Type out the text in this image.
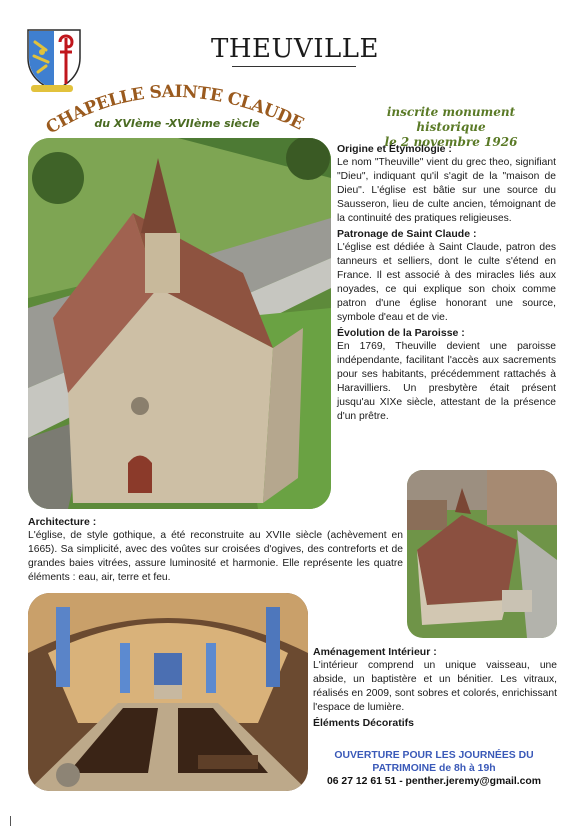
THEUVILLE
CHAPELLE SAINTE CLAUDE
du XVIème -XVIIème siècle
inscrite monument historique
le 2 novembre 1926
Origine et Étymologie :

Le nom "Theuville" vient du grec theo, signifiant "Dieu", indiquant qu'il s'agit de la "maison de Dieu". L'église est bâtie sur une source du Sausseron, lieu de culte ancien, témoignant de la continuité des pratiques religieuses.

Patronage de Saint Claude :

L'église est dédiée à Saint Claude, patron des tanneurs et selliers, dont le culte s'étend en France. Il est associé à des miracles liés aux noyades, ce qui explique son choix comme patron d'une église honorant une source, symbole d'eau et de vie.

Évolution de la Paroisse :

En 1769, Theuville devient une paroisse indépendante, facilitant l'accès aux sacrements pour ses habitants, précédemment rattachés à Haravilliers. Un presbytère était présent jusqu'au XIXe siècle, attestant de la présence d'un prêtre.

Architecture :

L'église, de style gothique, a été reconstruite au XVIIe siècle (achèvement en 1665). Sa simplicité, avec des voûtes sur croisées d'ogives, des contreforts et de grandes baies vitrées, assure luminosité et harmonie. Elle représente les quatre éléments : eau, air, terre et feu.

Aménagement Intérieur :

L'intérieur comprend un unique vaisseau, une abside, un baptistère et un bénitier. Les vitraux, réalisés en 2009, sont sobres et colorés, enrichissant l'espace de lumière.

Éléments Décoratifs
OUVERTURE POUR LES JOURNÉES DU
PATRIMOINE de 8h à 19h
06 27 12 61 51 - penther.jeremy@gmail.com
